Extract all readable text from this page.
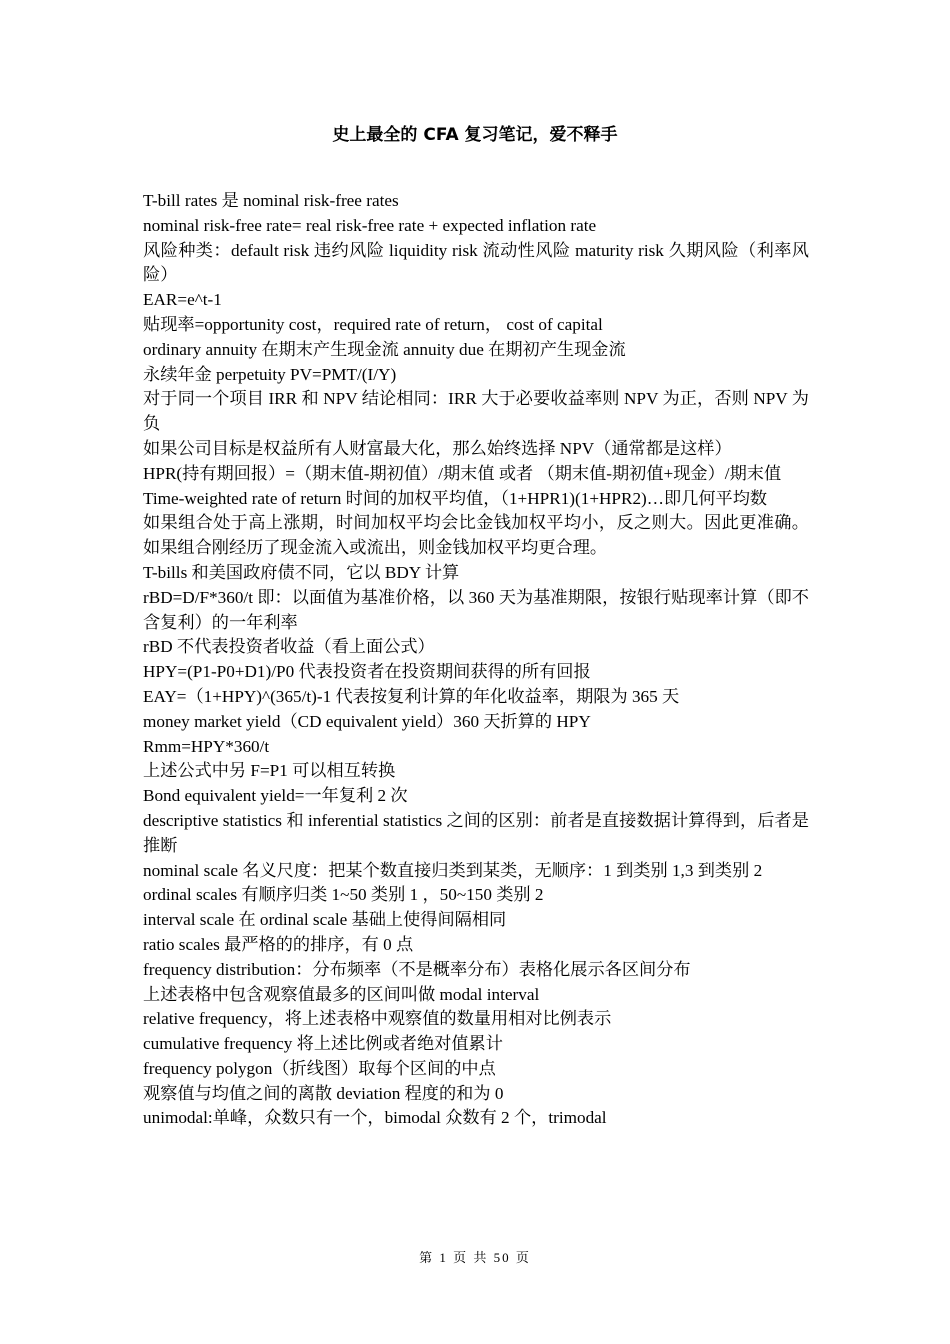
史上最全的 CFA 复习笔记，爱不释手

T-bill rates 是 nominal risk-free rates

nominal risk-free rate= real risk-free rate + expected inflation rate

风险种类：default risk 违约风险 liquidity risk 流动性风险 maturity risk 久期风险（利率风险）

EAR=e^t-1

贴现率=opportunity cost，required rate of return， cost of capital

ordinary annuity 在期末产生现金流 annuity due 在期初产生现金流

永续年金 perpetuity PV=PMT/(I/Y)

对于同一个项目 IRR 和 NPV 结论相同：IRR 大于必要收益率则 NPV 为正，否则 NPV 为负

如果公司目标是权益所有人财富最大化，那么始终选择 NPV（通常都是这样）

HPR(持有期回报）=（期末值-期初值）/期末值 或者 （期末值-期初值+现金）/期末值

Time-weighted rate of return 时间的加权平均值，（1+HPR1)(1+HPR2)…即几何平均数

如果组合处于高上涨期，时间加权平均会比金钱加权平均小，反之则大。因此更准确。如果组合刚经历了现金流入或流出，则金钱加权平均更合理。

T-bills 和美国政府债不同，它以 BDY 计算

rBD=D/F*360/t 即：以面值为基准价格，以 360 天为基准期限，按银行贴现率计算（即不含复利）的一年利率

rBD 不代表投资者收益（看上面公式）

HPY=(P1-P0+D1)/P0 代表投资者在投资期间获得的所有回报

EAY=（1+HPY)^(365/t)-1 代表按复利计算的年化收益率，期限为 365 天

money market yield（CD equivalent yield）360 天折算的 HPY

Rmm=HPY*360/t

上述公式中另 F=P1 可以相互转换

Bond equivalent yield=一年复利 2 次

descriptive statistics 和 inferential statistics 之间的区别：前者是直接数据计算得到，后者是推断

nominal scale 名义尺度：把某个数直接归类到某类，无顺序：1 到类别 1,3 到类别 2

ordinal scales 有顺序归类 1~50 类别 1 ，50~150 类别 2

interval scale 在 ordinal scale 基础上使得间隔相同

ratio scales 最严格的的排序，有 0 点

frequency distribution：分布频率（不是概率分布）表格化展示各区间分布

上述表格中包含观察值最多的区间叫做 modal interval

relative frequency，将上述表格中观察值的数量用相对比例表示

cumulative frequency 将上述比例或者绝对值累计

frequency polygon（折线图）取每个区间的中点

观察值与均值之间的离散 deviation 程度的和为 0

unimodal:单峰，众数只有一个，bimodal 众数有 2 个，trimodal

第 1 页 共 50 页
